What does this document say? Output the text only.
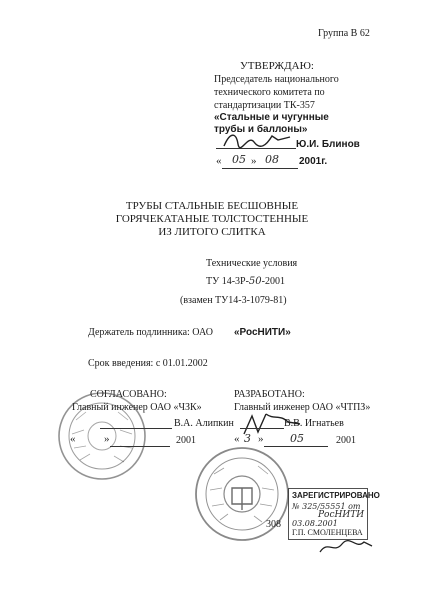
Группа В 62
УТВЕРЖДАЮ:
Председатель национального
технического комитета по
стандартизации ТК-357
«Стальные и чугунные
трубы и баллоны»
Ю.И. Блинов
« 05 » 08 2001г.
ТРУБЫ СТАЛЬНЫЕ БЕСШОВНЫЕ
ГОРЯЧЕКАТАНЫЕ ТОЛСТОСТЕННЫЕ
ИЗ ЛИТОГО СЛИТКА
Технические условия
ТУ 14-3Р-50-2001
(взамен ТУ14-3-1079-81)
Держатель подлинника: ОАО «РосНИТИ»
Срок введения: с 01.01.2002
СОГЛАСОВАНО:
Главный инженер ОАО «ЧЗК»
В.А. Алипкин
«	»	2001
РАЗРАБОТАНО:
Главный инженер ОАО «ЧТПЗ»
В.В. Игнатьев
« 3 » 05	2001
ЗАРЕГИСТРИРОВАНО
№ 325/55551 от
РосНИТИ
03.08.2001
Г.П. СМОЛЕНЦЕВА
308
